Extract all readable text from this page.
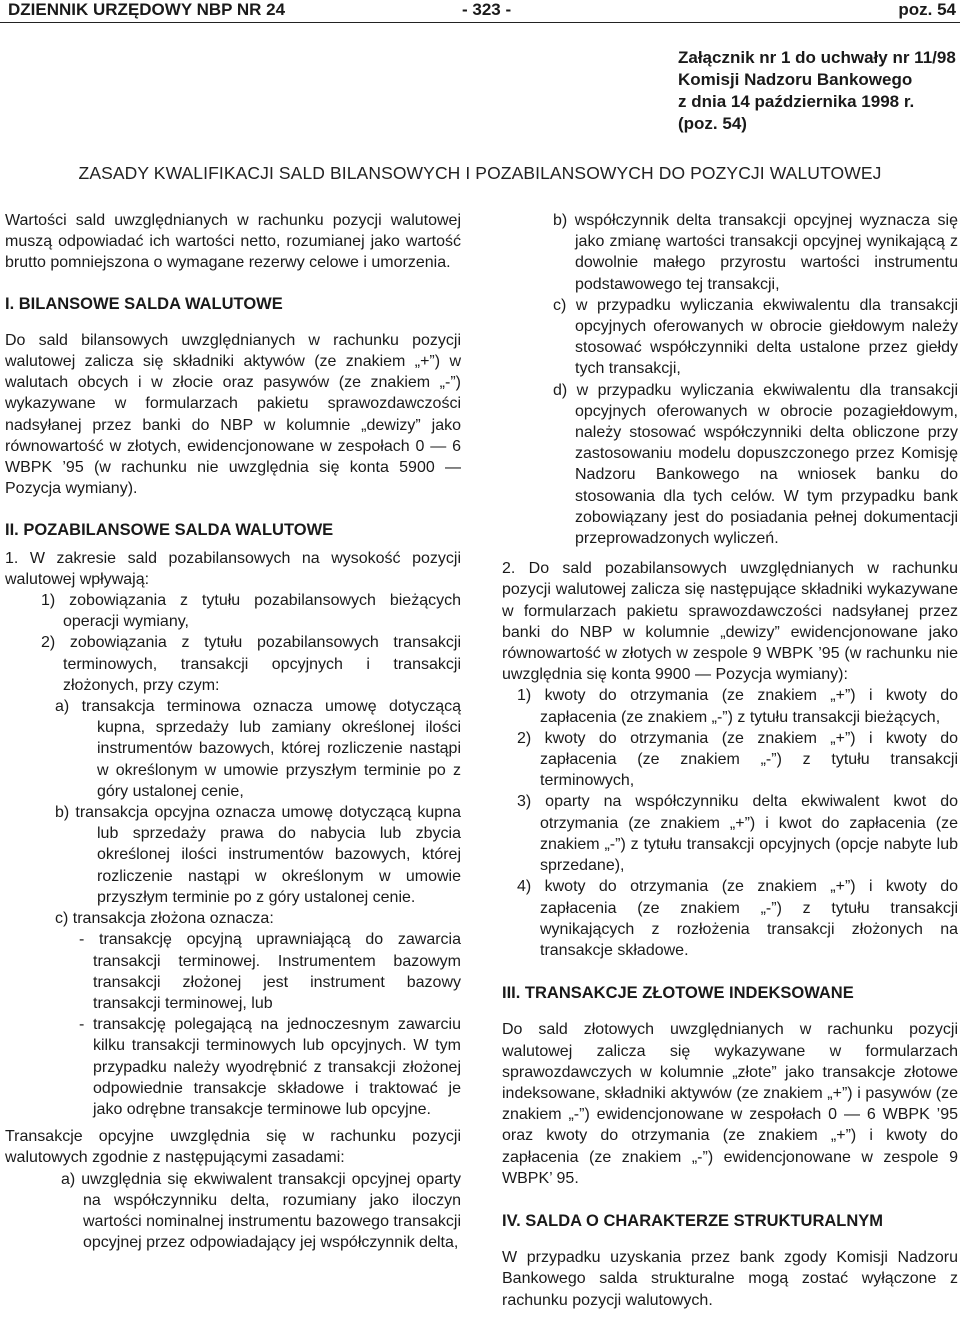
DZIENNIK URZĘDOWY NBP NR 24	- 323 -	poz. 54
Załącznik nr 1 do uchwały nr 11/98
Komisji Nadzoru Bankowego
z dnia 14 października 1998 r.
(poz. 54)
ZASADY KWALIFIKACJI SALD BILANSOWYCH I POZABILANSOWYCH DO POZYCJI WALUTOWEJ

Wartości sald uwzględnianych w rachunku pozycji walutowej muszą odpowiadać ich wartości netto, rozumianej jako wartość brutto pomniejszona o wymagane rezerwy celowe i umorzenia.

I. BILANSOWE SALDA WALUTOWE

Do sald bilansowych uwzględnianych w rachunku pozycji walutowej zalicza się składniki aktywów (ze znakiem „+”) w walutach obcych i w złocie oraz pasywów (ze znakiem „-”) wykazywane w formularzach pakietu sprawozdawczości nadsyłanej przez banki do NBP w kolumnie „dewizy” jako równowartość w złotych, ewidencjonowane w zespołach 0 — 6 WBPK ’95 (w rachunku nie uwzględnia się konta 5900 — Pozycja wymiany).

II. POZABILANSOWE SALDA WALUTOWE

1. W zakresie sald pozabilansowych na wysokość pozycji walutowej wpływają:

1) zobowiązania z tytułu pozabilansowych bieżących operacji wymiany,

2) zobowiązania z tytułu pozabilansowych transakcji terminowych, transakcji opcyjnych i transakcji złożonych, przy czym:

a) transakcja terminowa oznacza umowę dotyczącą kupna, sprzedaży lub zamiany określonej ilości instrumentów bazowych, której rozliczenie nastąpi w określonym w umowie przyszłym terminie po z góry ustalonej cenie,

b) transakcja opcyjna oznacza umowę dotyczącą kupna lub sprzedaży prawa do nabycia lub zbycia określonej ilości instrumentów bazowych, której rozliczenie nastąpi w określonym w umowie przyszłym terminie po z góry ustalonej cenie.

c) transakcja złożona oznacza:

- transakcję opcyjną uprawniającą do zawarcia transakcji terminowej. Instrumentem bazowym transakcji złożonej jest instrument bazowy transakcji terminowej, lub

- transakcję polegającą na jednoczesnym zawarciu kilku transakcji terminowych lub opcyjnych. W tym przypadku należy wyodrębnić z transakcji złożonej odpowiednie transakcje składowe i traktować je jako odrębne transakcje terminowe lub opcyjne.

Transakcje opcyjne uwzględnia się w rachunku pozycji walutowych zgodnie z następującymi zasadami:

a) uwzględnia się ekwiwalent transakcji opcyjnej oparty na współczynniku delta, rozumiany jako iloczyn wartości nominalnej instrumentu bazowego transakcji opcyjnej przez odpowiadający jej współczynnik delta,

b) współczynnik delta transakcji opcyjnej wyznacza się jako zmianę wartości transakcji opcyjnej wynikającą z dowolnie małego przyrostu wartości instrumentu podstawowego tej transakcji,

c) w przypadku wyliczania ekwiwalentu dla transakcji opcyjnych oferowanych w obrocie giełdowym należy stosować współczynniki delta ustalone przez giełdy tych transakcji,

d) w przypadku wyliczania ekwiwalentu dla transakcji opcyjnych oferowanych w obrocie pozagiełdowym, należy stosować współczynniki delta obliczone przy zastosowaniu modelu dopuszczonego przez Komisję Nadzoru Bankowego na wniosek banku do stosowania dla tych celów. W tym przypadku bank zobowiązany jest do posiadania pełnej dokumentacji przeprowadzonych wyliczeń.

2. Do sald pozabilansowych uwzględnianych w rachunku pozycji walutowej zalicza się następujące składniki wykazywane w formularzach pakietu sprawozdawczości nadsyłanej przez banki do NBP w kolumnie „dewizy” ewidencjonowane jako równowartość w złotych w zespole 9 WBPK ’95 (w rachunku nie uwzględnia się konta 9900 — Pozycja wymiany):

1) kwoty do otrzymania (ze znakiem „+”) i kwoty do zapłacenia (ze znakiem „-”) z tytułu transakcji bieżących,

2) kwoty do otrzymania (ze znakiem „+”) i kwoty do zapłacenia (ze znakiem „-”) z tytułu transakcji terminowych,

3) oparty na współczynniku delta ekwiwalent kwot do otrzymania (ze znakiem „+”) i kwot do zapłacenia (ze znakiem „-”) z tytułu transakcji opcyjnych (opcje nabyte lub sprzedane),

4) kwoty do otrzymania (ze znakiem „+”) i kwoty do zapłacenia (ze znakiem „-”) z tytułu transakcji wynikających z rozłożenia transakcji złożonych na transakcje składowe.

III. TRANSAKCJE ZŁOTOWE INDEKSOWANE

Do sald złotowych uwzględnianych w rachunku pozycji walutowej zalicza się wykazywane w formularzach sprawozdawczych w kolumnie „złote” jako transakcje złotowe indeksowane, składniki aktywów (ze znakiem „+”) i pasywów (ze znakiem „-”) ewidencjonowane w zespołach 0 — 6 WBPK ’95 oraz kwoty do otrzymania (ze znakiem „+”) i kwoty do zapłacenia (ze znakiem „-”) ewidencjonowane w zespole 9 WBPK’ 95.

IV. SALDA O CHARAKTERZE STRUKTURALNYM

W przypadku uzyskania przez bank zgody Komisji Nadzoru Bankowego salda strukturalne mogą zostać wyłączone z rachunku pozycji walutowych.
